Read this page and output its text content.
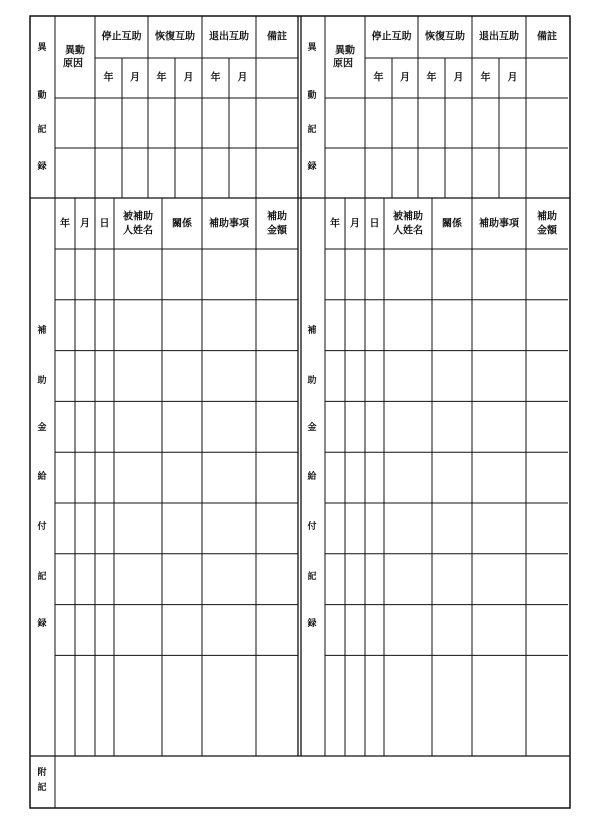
異
動
記
録
異動
原因
停止互助 恢復互助 退出互助 備註
年 月 年 月 年 月
異
動
記
録
異動
原因
停止互助 恢復互助 退出互助 備註
年 月 年 月 年 月
補
助
金
給
付
記
録
年 月 日
被補助
人姓名
關係 補助事項
補助
金額
補
助
金
給
付
記
録
年 月 日
被補助
人姓名
關係 補助事項
補助
金額
附
記
